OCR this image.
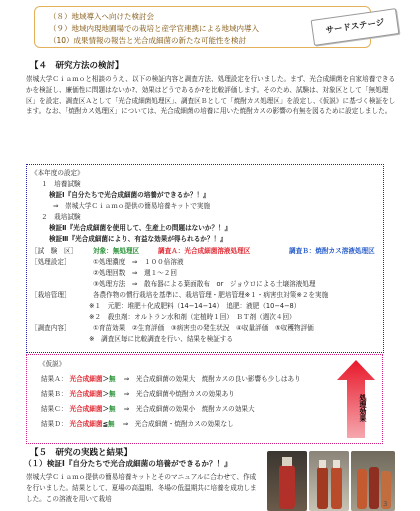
（８）地域導入へ向けた検討会
（９）地域内現地圃場での栽培と産学官連携による地域内導入
（10）成果情報の報告と光合成細菌の新たな可能性を検討
サードステージ
【４　研究方法の検討】
崇城大学Ｃｉａｍｏと相談のうえ、以下の検証内容と調査方法、処理設定を行いました。まず、光合成細菌を自家培養できるかを検証し、廉価性に問題はないか?、効果はどうであるか?を比較評価します。そのため、試験は、対象区として「無処理区」を設定、調査区Ａとして「光合成細菌処理区」、調査区Ｂとして「焼酎カス処理区」を設定し、《仮説》に基づく検証をします。なお、「焼酎カス処理区」については、光合成細菌の培養に用いた焼酎カスの影響の有無を図るために設定しました。
《本年度の設定》
１　培養試験
検証Ⅰ『自分たちで光合成細菌の培養ができるか？！』
⇒　崇城大学Ｃｉａｍｏ提供の簡易培養キットで実施
２　栽培試験
検証Ⅱ『光合成細菌を使用して、生産上の問題はないか？！』
検証Ⅲ『光合成細菌により、有益な効果が得られるか？！』
［試　験　区］ 対象：無処理区	調査Ａ：光合成細菌溶液処理区	調査Ｂ：焼酎カス溶液処理区
［処理設定］	①処理濃度　⇒　１００倍溶液
②処理回数　⇒　週１〜２回
③処理方法　⇒　散布器による葉面散布　or　ジョウロによる土壌溶液処理
［栽培管理］	各農作物の慣行栽培を基準に、栽培管理・肥培管理※１・病害虫対策※２を実施
※１　元肥：堆肥＋化成肥料（14−14−14）　追肥：液肥（10−4−8）
※２　殺虫剤：オルトラン水和剤（定植時１回）　ＢＴ剤（週次４回）
［調査内容］	①育苗効果　②生育評価　③病害虫の発生状況　④収量評価　⑤収穫物評価
※　調査区毎に比較調査を行い、結果を検証する
《仮説》
結果Ａ： 光合成細菌＞無 ⇒　光合成細菌の効果大　焼酎カスの良い影響も少しはあり
結果Ｂ： 光合成細菌＞無 ⇒　光合成細菌や焼酎カスの効果あり
結果Ｃ： 光合成細菌＞無 ⇒　光合成細菌の効果小　焼酎カスの効果大
結果Ｄ： 光合成細菌≦無 ⇒　光合成細菌・焼酎カスの効果なし
処理効果
【５　研究の実践と結果】
（１）検証Ⅰ『自分たちで光合成細菌の培養ができるか？！』
崇城大学Ｃｉａｍｏ提供の簡易培養キットとそのマニュアルに合わせて、作成を行いました。結果として、夏場の高温期、冬場の低温期共に培養を成功しました。この溶液を用いて栽培
3
